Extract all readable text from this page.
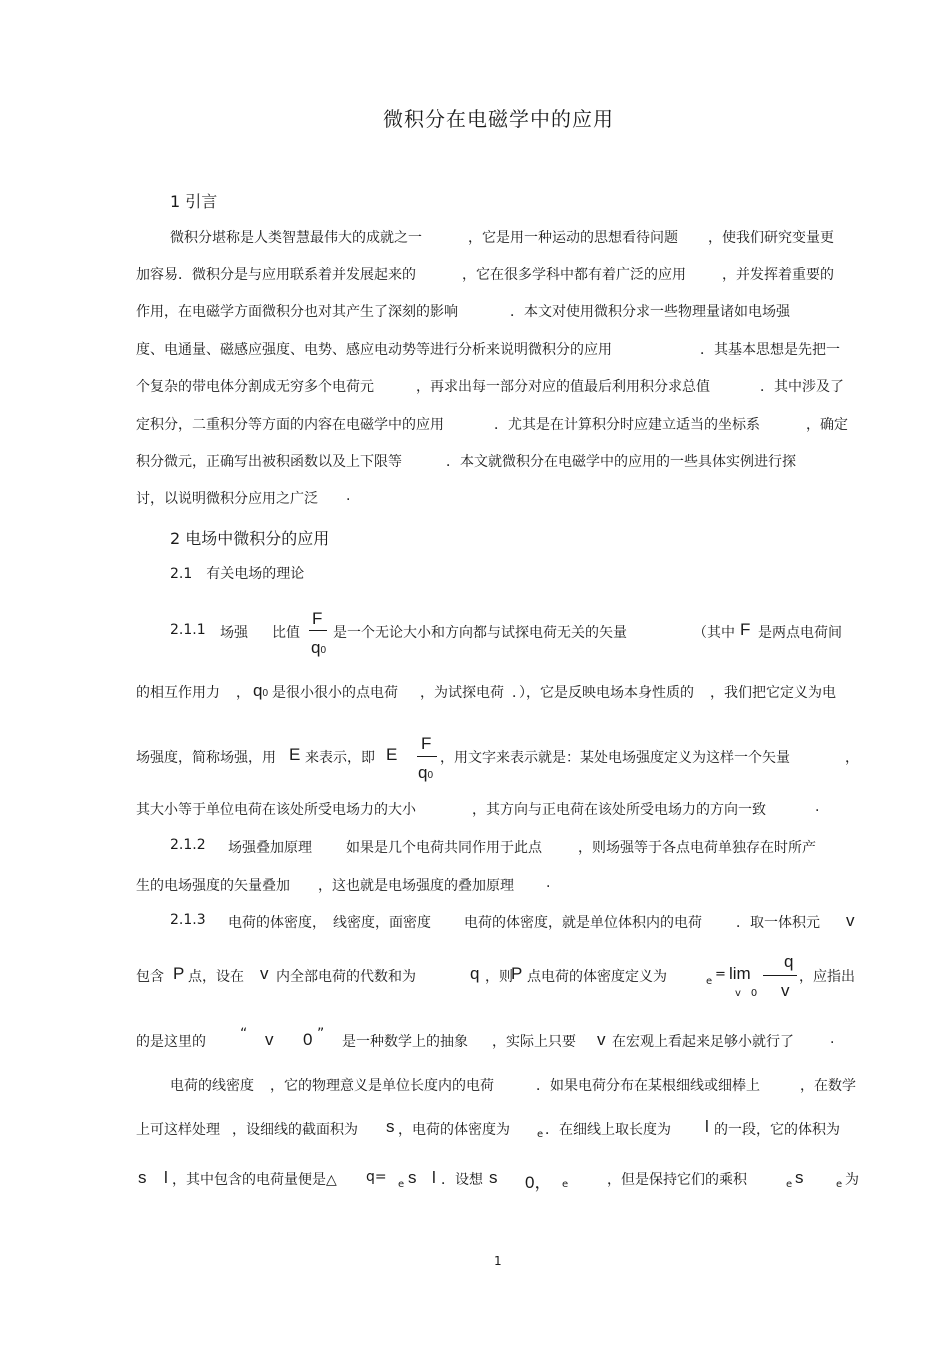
微积分在电磁学中的应用
1 引言
微积分堪称是人类智慧最伟大的成就之一	，它是用一种运动的思想看待问题 ，使我们研究变量更
加容易．微积分是与应用联系着并发展起来的	，它在很多学科中都有着广泛的应用	，并发挥着重要的
作用，在电磁学方面微积分也对其产生了深刻的影响	．本文对使用微积分求一些物理量诸如电场强
度、电通量、磁感应强度、电势、感应电动势等进行分析来说明微积分的应用	．其基本思想是先把一
个复杂的带电体分割成无穷多个电荷元	，再求出每一部分对应的值最后利用积分求总值	．其中涉及了
定积分，二重积分等方面的内容在电磁学中的应用	．尤其是在计算积分时应建立适当的坐标系	，确定
积分微元，正确写出被积函数以及上下限等	．本文就微积分在电磁学中的应用的一些具体实例进行探
讨，以说明微积分应用之广泛 .
2 电场中微积分的应用
2.1　有关电场的理论
2.1.1 场强 比值
F
q0
是一个无论大小和方向都与试探电荷无关的矢量	（其中 F 是两点电荷间
的相互作用力 ， q0 是很小很小的点电荷 ，为试探电荷 ．），它是反映电场本身性质的 ，我们把它定义为电
场强度，简称场强，用 E 来表示，即 E
F
q0
，用文字来表示就是：某处电场强度定义为这样一个矢量	，
其大小等于单位电荷在该处所受电场力的大小	，其方向与正电荷在该处所受电场力的方向一致	.
2.1.2 场强叠加原理 如果是几个电荷共同作用于此点	，则场强等于各点电荷单独存在时所产
生的电场强度的矢量叠加 ，这也就是电场强度的叠加原理 .
2.1.3 电荷的体密度，　线密度，面密度 电荷的体密度，就是单位体积内的电荷 ．取一体积元 v
包含 P 点，设在 v 内全部电荷的代数和为	q ，则
P 点电荷的体密度定义为	e = lim
v　0
q
v
，应指出
的是这里的 “ v 0 ” 是一种数学上的抽象 ，实际上只要 v 在宏观上看起来足够小就行了	.
电荷的线密度 ，它的物理意义是单位长度内的电荷	．如果电荷分布在某根细线或细棒上	，在数学
上可这样处理 ，设细线的截面积为 s ，电荷的体密度为	e ．在细线上取长度为 l 的一段，它的体积为
s l ，其中包含的电荷量便是△ q= e s l ．设想 s 0， e	，但是保持它们的乘积	e s	e 为
1
